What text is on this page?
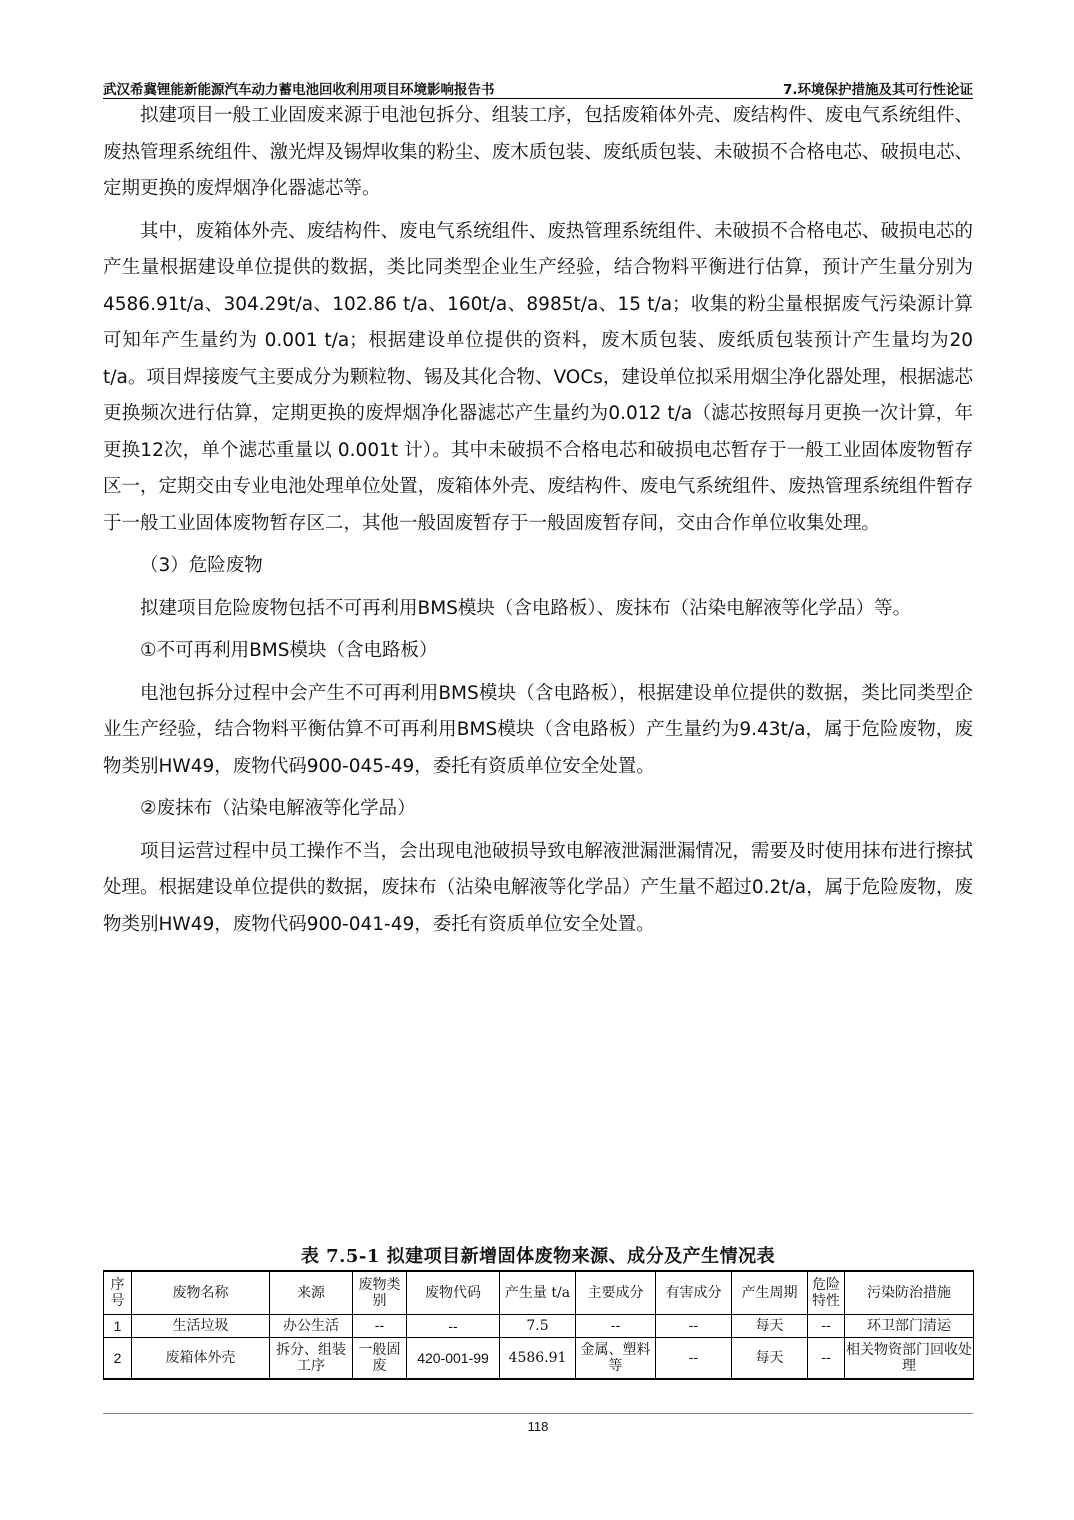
武汉希冀锂能新能源汽车动力蓄电池回收利用项目环境影响报告书	7.环境保护措施及其可行性论证

拟建项目一般工业固废来源于电池包拆分、组装工序，包括废箱体外壳、废结构件、废电气系统组件、废热管理系统组件、激光焊及锡焊收集的粉尘、废木质包装、废纸质包装、未破损不合格电芯、破损电芯、定期更换的废焊烟净化器滤芯等。

其中，废箱体外壳、废结构件、废电气系统组件、废热管理系统组件、未破损不合格电芯、破损电芯的产生量根据建设单位提供的数据，类比同类型企业生产经验，结合物料平衡进行估算，预计产生量分别为4586.91t/a、304.29t/a、102.86 t/a、160t/a、8985t/a、15 t/a；收集的粉尘量根据废气污染源计算可知年产生量约为 0.001 t/a；根据建设单位提供的资料，废木质包装、废纸质包装预计产生量均为20 t/a。项目焊接废气主要成分为颗粒物、锡及其化合物、VOCs，建设单位拟采用烟尘净化器处理，根据滤芯更换频次进行估算，定期更换的废焊烟净化器滤芯产生量约为0.012 t/a（滤芯按照每月更换一次计算，年更换12次，单个滤芯重量以 0.001t 计）。其中未破损不合格电芯和破损电芯暂存于一般工业固体废物暂存区一，定期交由专业电池处理单位处置，废箱体外壳、废结构件、废电气系统组件、废热管理系统组件暂存于一般工业固体废物暂存区二，其他一般固废暂存于一般固废暂存间，交由合作单位收集处理。

（3）危险废物

拟建项目危险废物包括不可再利用BMS模块（含电路板）、废抹布（沾染电解液等化学品）等。

①不可再利用BMS模块（含电路板）

电池包拆分过程中会产生不可再利用BMS模块（含电路板），根据建设单位提供的数据，类比同类型企业生产经验，结合物料平衡估算不可再利用BMS模块（含电路板）产生量约为9.43t/a，属于危险废物，废物类别HW49，废物代码900-045-49，委托有资质单位安全处置。

②废抹布（沾染电解液等化学品）

项目运营过程中员工操作不当，会出现电池破损导致电解液泄漏泄漏情况，需要及时使用抹布进行擦拭处理。根据建设单位提供的数据，废抹布（沾染电解液等化学品）产生量不超过0.2t/a，属于危险废物，废物类别HW49，废物代码900-041-49，委托有资质单位安全处置。

表 7.5-1 拟建项目新增固体废物来源、成分及产生情况表
序号	废物名称	来源	废物类别	废物代码	产生量 t/a	主要成分	有害成分	产生周期	危险特性	污染防治措施
1	生活垃圾	办公生活	--	--	7.5	--	--	每天	--	环卫部门清运
2	废箱体外壳	拆分、组装工序	一般固废	420-001-99	4586.91	金属、塑料等	--	每天	--	相关物资部门回收处理
118
